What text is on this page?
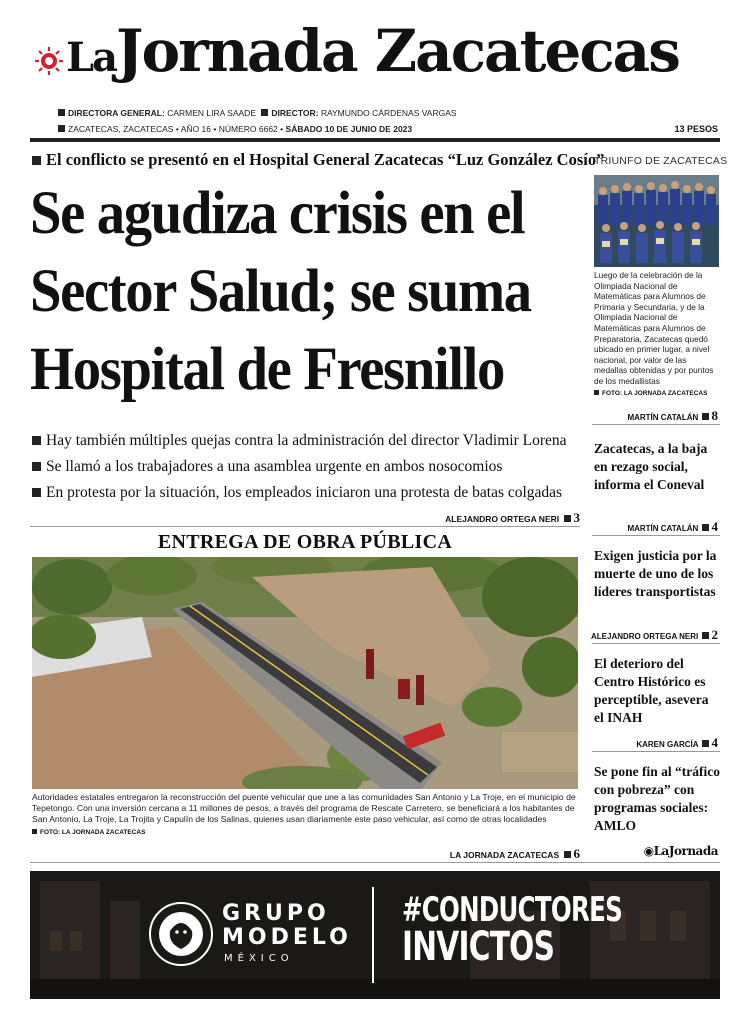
LaJornada Zacatecas
DIRECTORA GENERAL: CARMEN LIRA SAADE DIRECTOR: RAYMUNDO CÁRDENAS VARGAS
ZACATECAS, ZACATECAS • AÑO 16 • NÚMERO 6662 • SÁBADO 10 DE JUNIO DE 2023	13 PESOS
El conflicto se presentó en el Hospital General Zacatecas “Luz González Cosío”
Se agudiza crisis en el
Sector Salud; se suma
Hospital de Fresnillo
Hay también múltiples quejas contra la administración del director Vladimir Lorena
Se llamó a los trabajadores a una asamblea urgente en ambos nosocomios
En protesta por la situación, los empleados iniciaron una protesta de batas colgadas
ALEJANDRO ORTEGA NERI 3
ENTREGA DE OBRA PÚBLICA
Autoridades estatales entregaron la reconstrucción del puente vehicular que une a las comunidades San Antonio y La Troje, en el municipio de Tepetongo. Con una inversión cercana a 11 millones de pesos, a través del programa de Rescate Carretero, se beneficiará a los habitantes de San Antonio, La Troje, La Trojita y Capulín de los Salinas, quienes usan diariamente este paso vehicular, así como de otras localidades
FOTO: LA JORNADA ZACATECAS
LA JORNADA ZACATECAS 6
TRIUNFO DE ZACATECAS
Luego de la celebración de la Olimpiada Nacional de Matemáticas para Alumnos de Primaria y Secundaria, y de la Olimpiada Nacional de Matemáticas para Alumnos de Preparatoria, Zacatecas quedó ubicado en primer lugar, a nivel nacional, por valor de las medallas obtenidas y por puntos de los medallistas
FOTO: LA JORNADA ZACATECAS
MARTÍN CATALÁN 8
Zacatecas, a la baja en rezago social, informa el Coneval
MARTÍN CATALÁN 4
Exigen justicia por la muerte de uno de los líderes transportistas
ALEJANDRO ORTEGA NERI 2
El deterioro del Centro Histórico es perceptible, asevera el INAH
KAREN GARCÍA 4
Se pone fin al “tráfico con pobreza” con programas sociales: AMLO
◉LaJornada
GRUPO
MODELO
MÉXICO
#CONDUCTORES
INVICTOS
